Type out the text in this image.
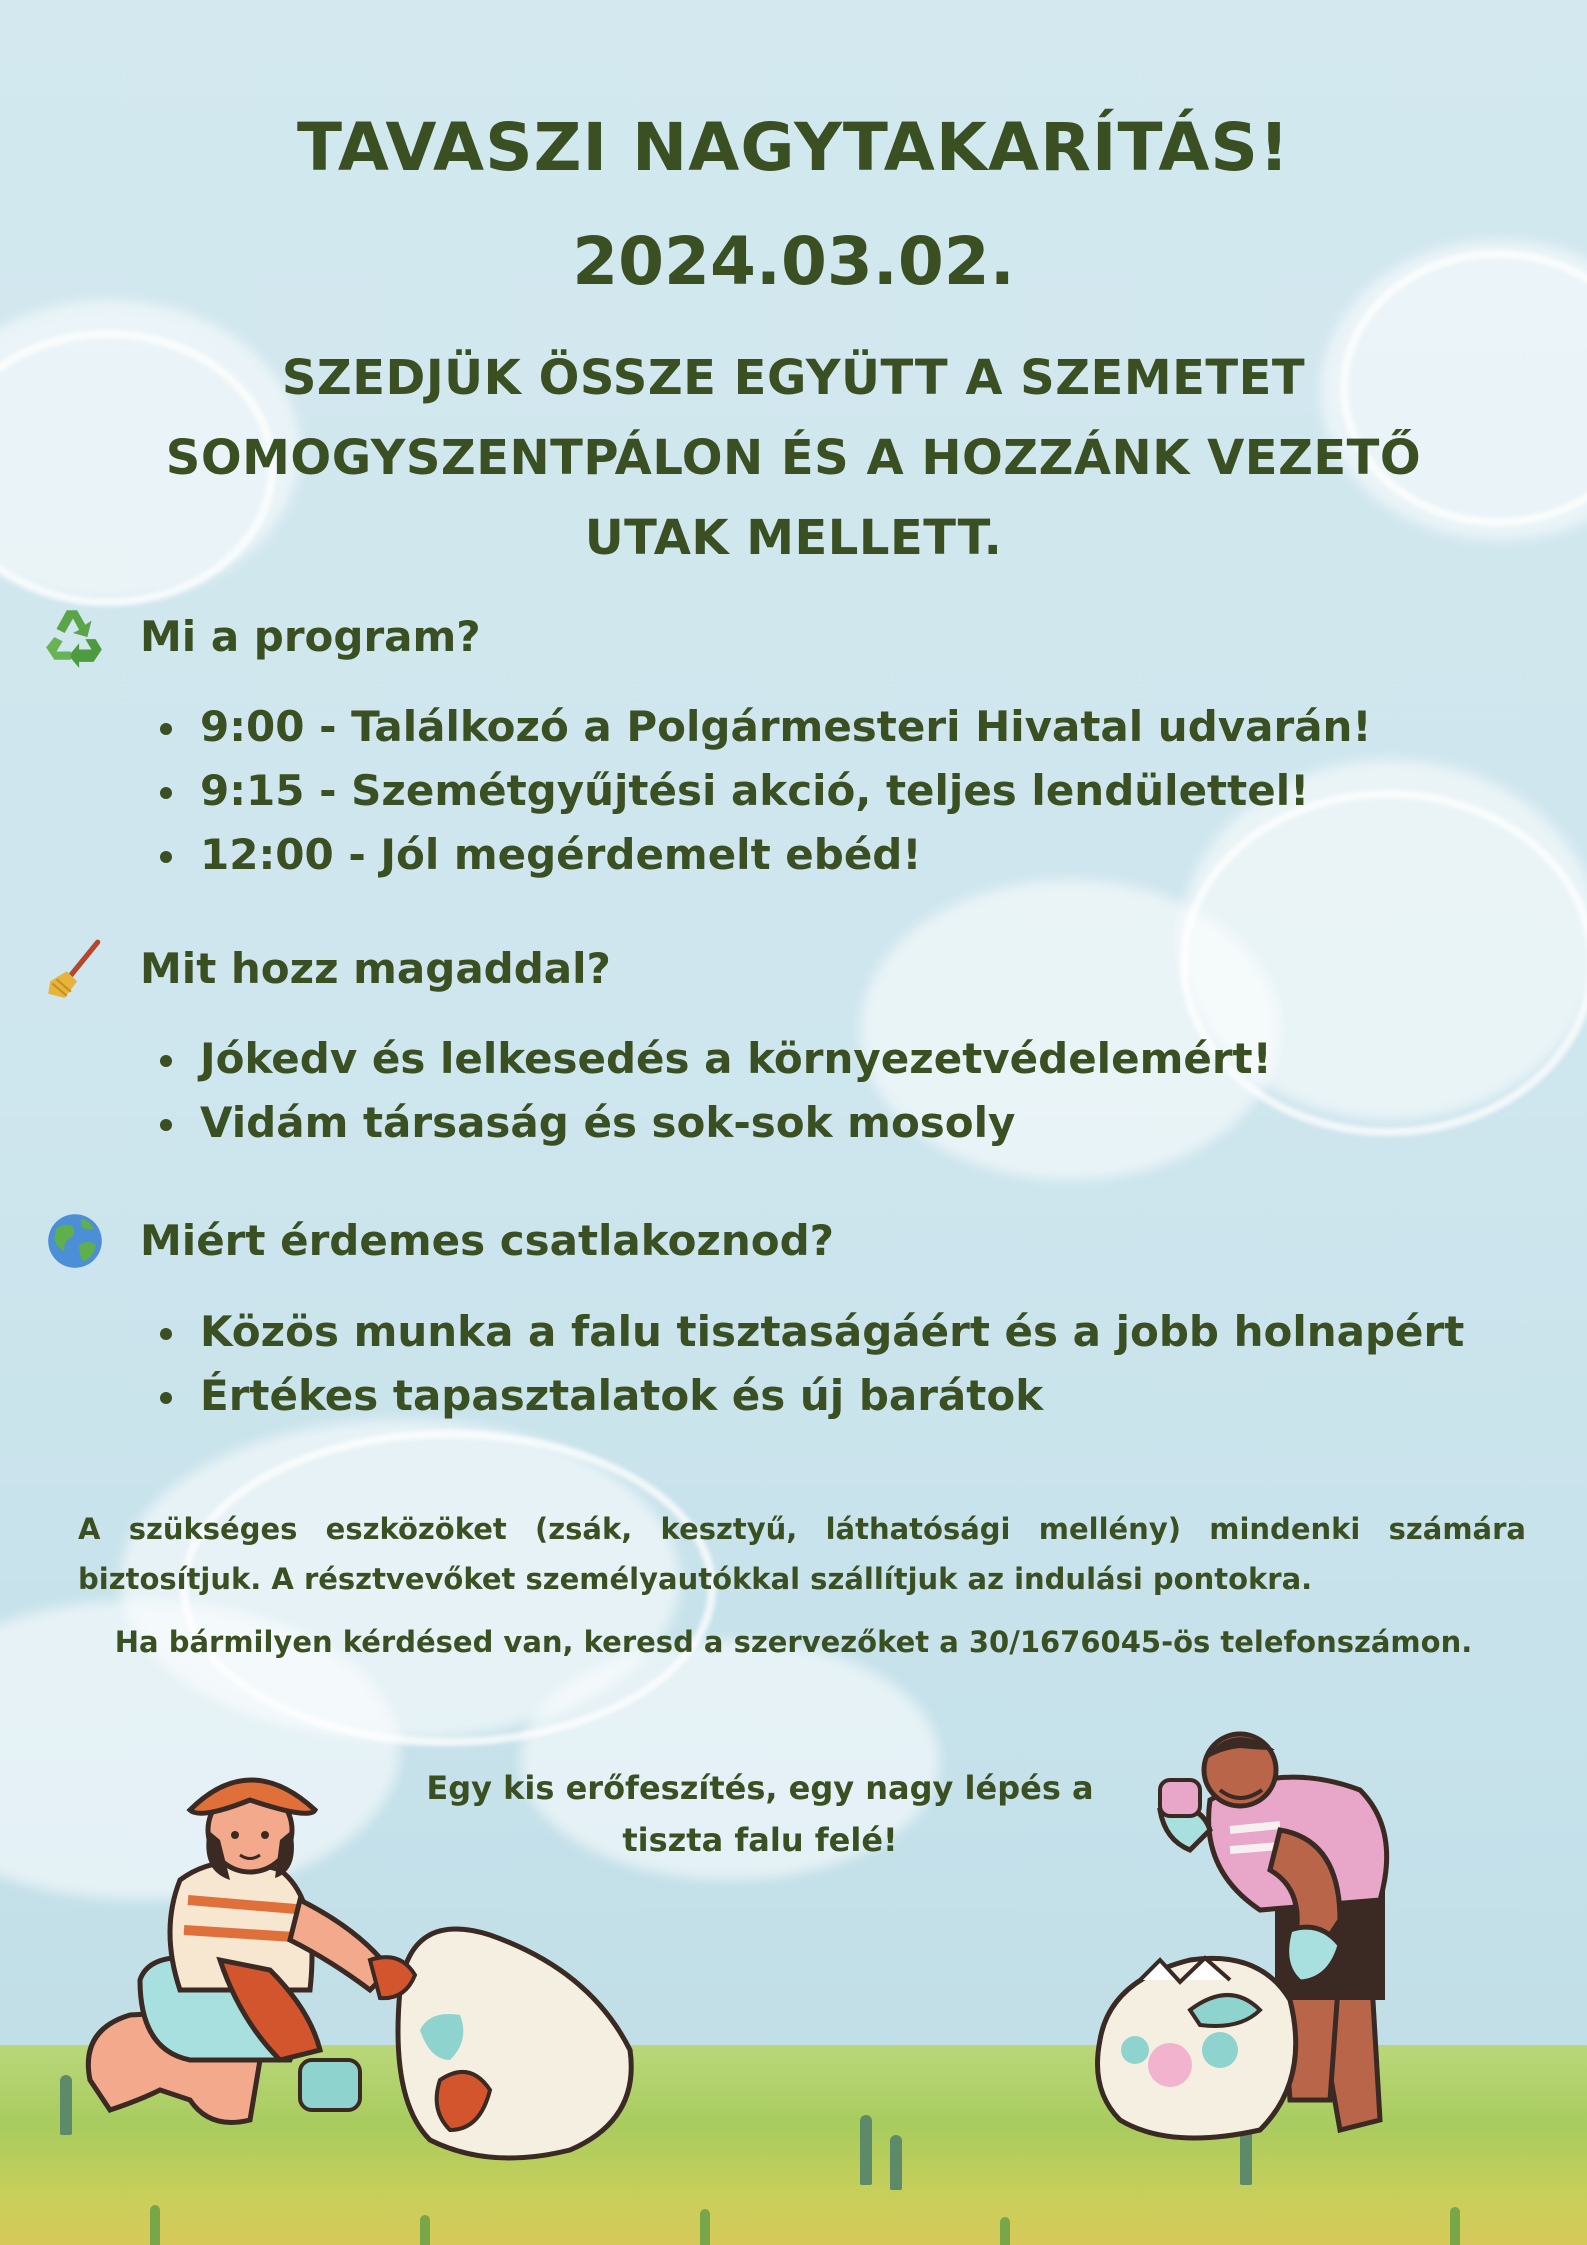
TAVASZI NAGYTAKARÍTÁS!
2024.03.02.
SZEDJÜK ÖSSZE EGYÜTT A SZEMETET
SOMOGYSZENTPÁLON ÉS A HOZZÁNK VEZETŐ
UTAK MELLETT.
Mi a program?
9:00 - Találkozó a Polgármesteri Hivatal udvarán!
9:15 - Szemétgyűjtési akció, teljes lendülettel!
12:00 - Jól megérdemelt ebéd!
Mit hozz magaddal?
Jókedv és lelkesedés a környezetvédelemért!
Vidám társaság és sok-sok mosoly
Miért érdemes csatlakoznod?
Közös munka a falu tisztaságáért és a jobb holnapért
Értékes tapasztalatok és új barátok
A szükséges eszközöket (zsák, kesztyű, láthatósági mellény) mindenki számára biztosítjuk. A résztvevőket személyautókkal szállítjuk az indulási pontokra.
Ha bármilyen kérdésed van, keresd a szervezőket a 30/1676045-ös telefonszámon.
Egy kis erőfeszítés, egy nagy lépés a
tiszta falu felé!
